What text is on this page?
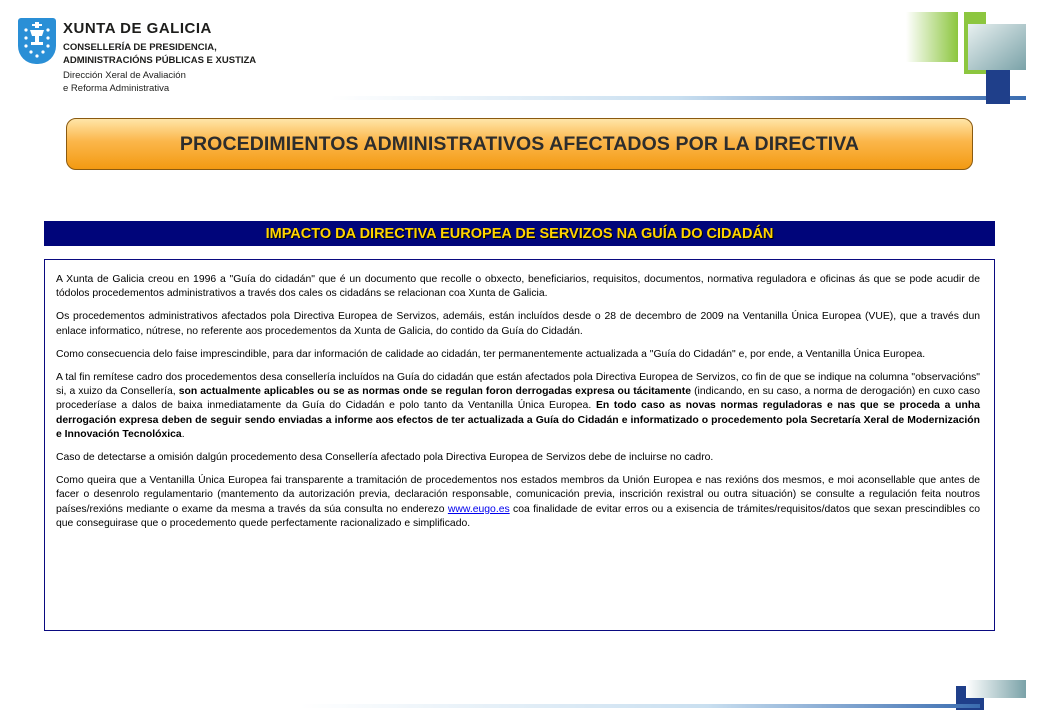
XUNTA DE GALICIA
CONSELLERÍA DE PRESIDENCIA,
ADMINISTRACIÓNS PÚBLICAS E XUSTIZA
Dirección Xeral de Avaliación
e Reforma Administrativa
PROCEDIMIENTOS ADMINISTRATIVOS AFECTADOS POR LA DIRECTIVA
IMPACTO DA DIRECTIVA EUROPEA DE SERVIZOS NA GUÍA DO CIDADÁN

A Xunta de Galicia creou en 1996 a "Guía do cidadán" que é un documento que recolle o obxecto, beneficiarios, requisitos, documentos, normativa reguladora e oficinas ás que se pode acudir de tódolos procedementos administrativos a través dos cales os cidadáns se relacionan coa Xunta de Galicia.

Os procedementos administrativos afectados pola Directiva Europea de Servizos, ademáis, están incluídos desde o 28 de decembro de 2009 na Ventanilla Única Europea (VUE), que a través dun enlace informatico, nútrese, no referente aos procedementos da Xunta de Galicia, do contido da Guía do Cidadán.

Como consecuencia delo faise imprescindible, para dar información de calidade ao cidadán, ter permanentemente actualizada a "Guía do Cidadán" e, por ende, a Ventanilla Única Europea.

A tal fin remítese cadro dos procedementos desa consellería incluídos na Guía do cidadán que están afectados pola Directiva Europea de Servizos, co fin de que se indique na columna "observacións" si, a xuizo da Consellería, son actualmente aplicables ou se as normas onde se regulan foron derrogadas expresa ou tácitamente (indicando, en su caso, a norma de derogación) en cuxo caso procederíase a dalos de baixa inmediatamente da Guía do Cidadán e polo tanto da Ventanilla Única Europea. En todo caso as novas normas reguladoras e nas que se proceda a unha derrogación expresa deben de seguir sendo enviadas a informe aos efectos de ter actualizada a Guía do Cidadán e informatizado o procedemento pola Secretaría Xeral de Modernización e Innovación Tecnolóxica.

Caso de detectarse a omisión dalgún procedemento desa Consellería afectado pola Directiva Europea de Servizos debe de incluirse no cadro.

Como queira que a Ventanilla Única Europea fai transparente a tramitación de procedementos nos estados membros da Unión Europea e nas rexións dos mesmos, e moi aconsellable que antes de facer o desenrolo regulamentario (mantemento da autorización previa, declaración responsable, comunicación previa, inscrición rexistral ou outra situación) se consulte a regulación feita noutros países/rexións mediante o exame da mesma a través da súa consulta no enderezo www.eugo.es coa finalidade de evitar erros ou a exisencia de trámites/requisitos/datos que sexan prescindibles co que conseguirase que o procedemento quede perfectamente racionalizado e simplificado.
